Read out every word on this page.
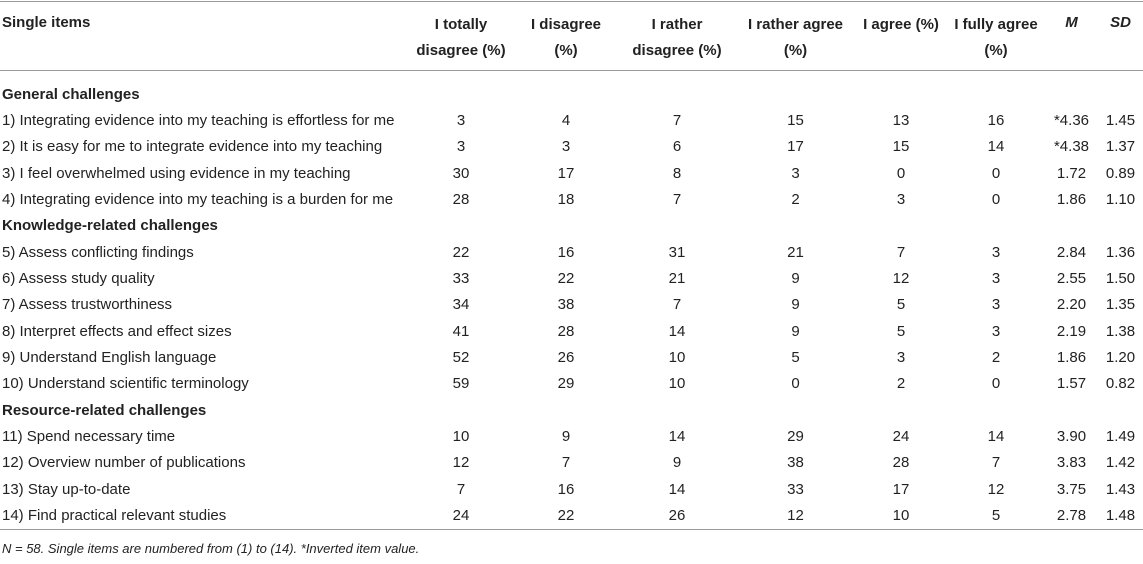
Single items	I totally disagree (%)	I disagree (%)	I rather disagree (%)	I rather agree (%)	I agree (%)	I fully agree (%)	M	SD

General challenges								
1) Integrating evidence into my teaching is effortless for me	3	4	7	15	13	16	*4.36	1.45
2) It is easy for me to integrate evidence into my teaching	3	3	6	17	15	14	*4.38	1.37
3) I feel overwhelmed using evidence in my teaching	30	17	8	3	0	0	1.72	0.89
4) Integrating evidence into my teaching is a burden for me	28	18	7	2	3	0	1.86	1.10
Knowledge-related challenges								
5) Assess conflicting findings	22	16	31	21	7	3	2.84	1.36
6) Assess study quality	33	22	21	9	12	3	2.55	1.50
7) Assess trustworthiness	34	38	7	9	5	3	2.20	1.35
8) Interpret effects and effect sizes	41	28	14	9	5	3	2.19	1.38
9) Understand English language	52	26	10	5	3	2	1.86	1.20
10) Understand scientific terminology	59	29	10	0	2	0	1.57	0.82
Resource-related challenges								
11) Spend necessary time	10	9	14	29	24	14	3.90	1.49
12) Overview number of publications	12	7	9	38	28	7	3.83	1.42
13) Stay up-to-date	7	16	14	33	17	12	3.75	1.43
14) Find practical relevant studies	24	22	26	12	10	5	2.78	1.48
N = 58. Single items are numbered from (1) to (14). *Inverted item value.
